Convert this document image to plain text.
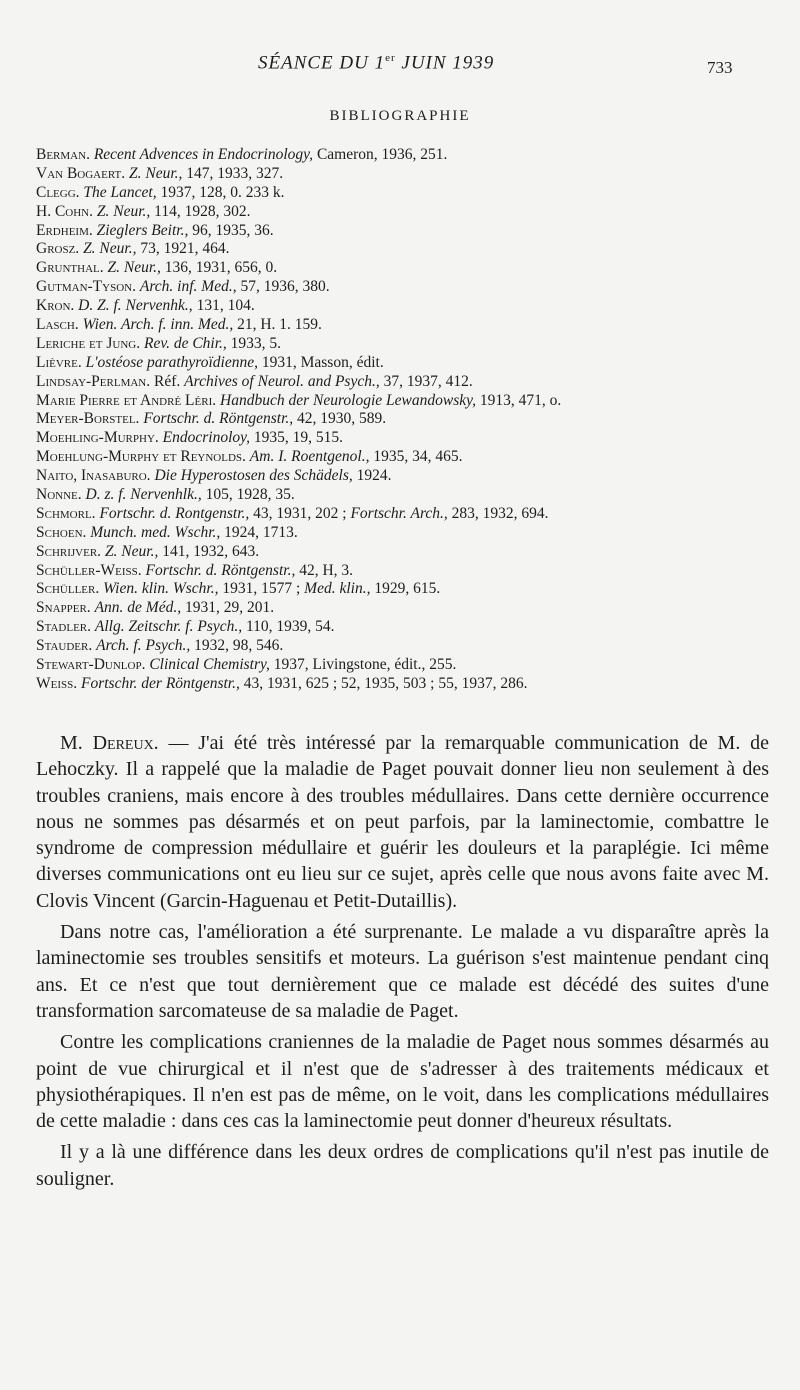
SÉANCE DU 1er JUIN 1939	733
BIBLIOGRAPHIE
Berman. Recent Advences in Endocrinology, Cameron, 1936, 251.
Van Bogaert. Z. Neur., 147, 1933, 327.
Clegg. The Lancet, 1937, 128, 0. 233 k.
H. Cohn. Z. Neur., 114, 1928, 302.
Erdheim. Zieglers Beitr., 96, 1935, 36.
Grosz. Z. Neur., 73, 1921, 464.
Grunthal. Z. Neur., 136, 1931, 656, 0.
Gutman-Tyson. Arch. inf. Med., 57, 1936, 380.
Kron. D. Z. f. Nervenhk., 131, 104.
Lasch. Wien. Arch. f. inn. Med., 21, H. 1. 159.
Leriche et Jung. Rev. de Chir., 1933, 5.
Lièvre. L'ostéose parathyroïdienne, 1931, Masson, édit.
Lindsay-Perlman. Réf. Archives of Neurol. and Psych., 37, 1937, 412.
Marie Pierre et André Léri. Handbuch der Neurologie Lewandowsky, 1913, 471, o.
Meyer-Borstel. Fortschr. d. Röntgenstr., 42, 1930, 589.
Moehling-Murphy. Endocrinoloy, 1935, 19, 515.
Moehlung-Murphy et Reynolds. Am. I. Roentgenol., 1935, 34, 465.
Naito, Inasaburo. Die Hyperostosen des Schädels, 1924.
Nonne. D. z. f. Nervenhlk., 105, 1928, 35.
Schmorl. Fortschr. d. Rontgenstr., 43, 1931, 202 ; Fortschr. Arch., 283, 1932, 694.
Schoen. Munch. med. Wschr., 1924, 1713.
Schrijver. Z. Neur., 141, 1932, 643.
Schüller-Weiss. Fortschr. d. Röntgenstr., 42, H, 3.
Schüller. Wien. klin. Wschr., 1931, 1577 ; Med. klin., 1929, 615.
Snapper. Ann. de Méd., 1931, 29, 201.
Stadler. Allg. Zeitschr. f. Psych., 110, 1939, 54.
Stauder. Arch. f. Psych., 1932, 98, 546.
Stewart-Dunlop. Clinical Chemistry, 1937, Livingstone, édit., 255.
Weiss. Fortschr. der Röntgenstr., 43, 1931, 625 ; 52, 1935, 503 ; 55, 1937, 286.

M. Dereux. — J'ai été très intéressé par la remarquable communication de M. de Lehoczky. Il a rappelé que la maladie de Paget pouvait donner lieu non seulement à des troubles craniens, mais encore à des troubles médullaires. Dans cette dernière occurrence nous ne sommes pas désarmés et on peut parfois, par la laminectomie, combattre le syndrome de compression médullaire et guérir les douleurs et la paraplégie. Ici même diverses communications ont eu lieu sur ce sujet, après celle que nous avons faite avec M. Clovis Vincent (Garcin-Haguenau et Petit-Dutaillis).

Dans notre cas, l'amélioration a été surprenante. Le malade a vu disparaître après la laminectomie ses troubles sensitifs et moteurs. La guérison s'est maintenue pendant cinq ans. Et ce n'est que tout dernièrement que ce malade est décédé des suites d'une transformation sarcomateuse de sa maladie de Paget.

Contre les complications craniennes de la maladie de Paget nous sommes désarmés au point de vue chirurgical et il n'est que de s'adresser à des traitements médicaux et physiothérapiques. Il n'en est pas de même, on le voit, dans les complications médullaires de cette maladie : dans ces cas la laminectomie peut donner d'heureux résultats.

Il y a là une différence dans les deux ordres de complications qu'il n'est pas inutile de souligner.
